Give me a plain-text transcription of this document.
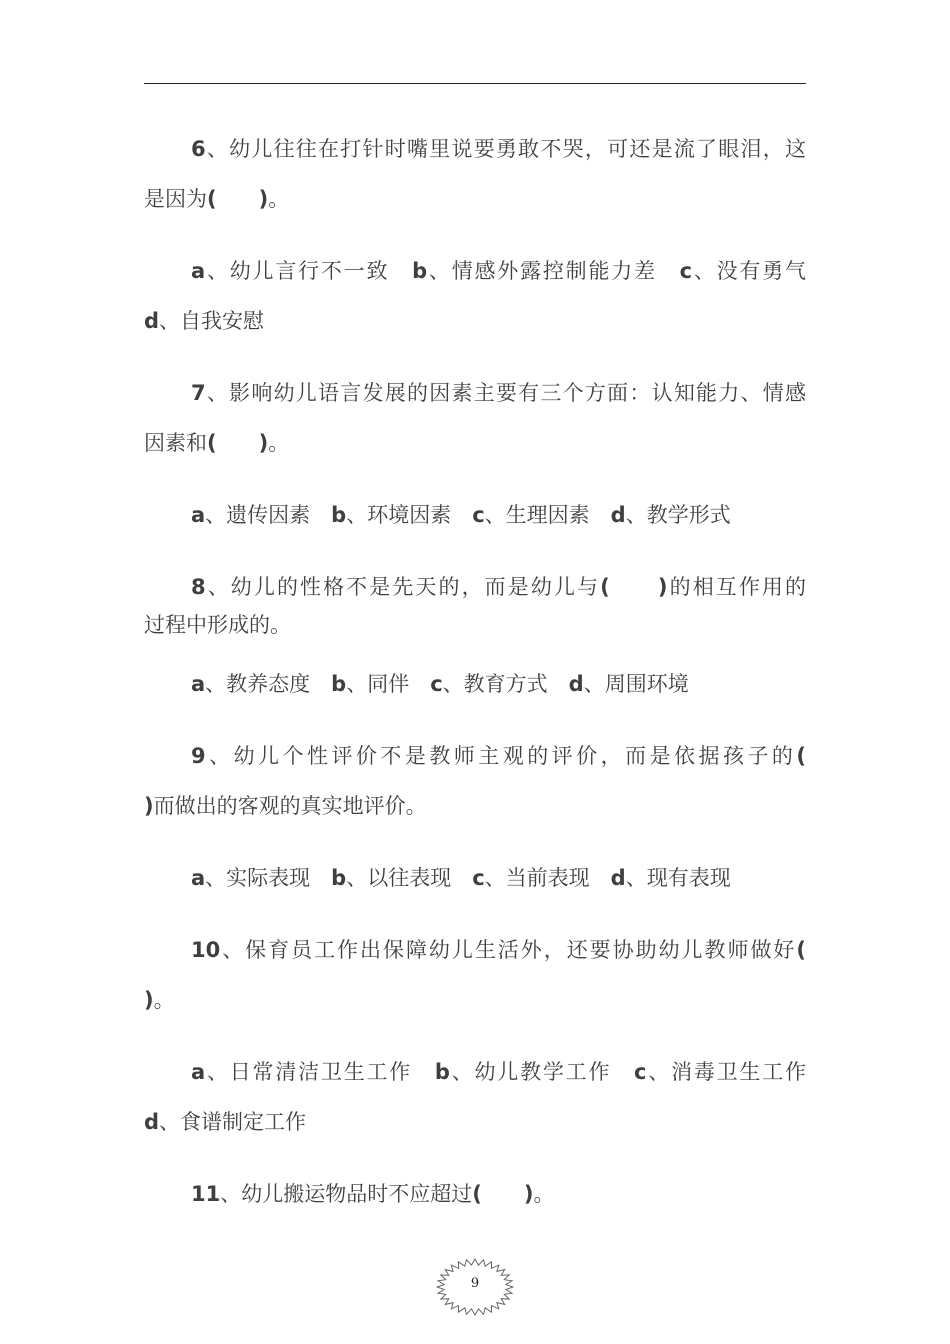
6、幼儿往往在打针时嘴里说要勇敢不哭，可还是流了眼泪，这
是因为(　　 )。
a、幼儿言行不一致　b、情感外露控制能力差　c、没有勇气
d、自我安慰
7、影响幼儿语言发展的因素主要有三个方面：认知能力、情感
因素和(　　 )。
a、遗传因素　b、环境因素　c、生理因素　d、教学形式
8、幼儿的性格不是先天的，而是幼儿与(　　 )的相互作用的
过程中形成的。
a、教养态度　b、同伴　c、教育方式　d、周围环境
9、幼儿个性评价不是教师主观的评价，而是依据孩子的(
)而做出的客观的真实地评价。
a、实际表现　b、以往表现　c、当前表现　d、现有表现
10、保育员工作出保障幼儿生活外，还要协助幼儿教师做好(
)。
a、日常清洁卫生工作　b、幼儿教学工作　c、消毒卫生工作
d、食谱制定工作
11、幼儿搬运物品时不应超过(　　 )。
9
